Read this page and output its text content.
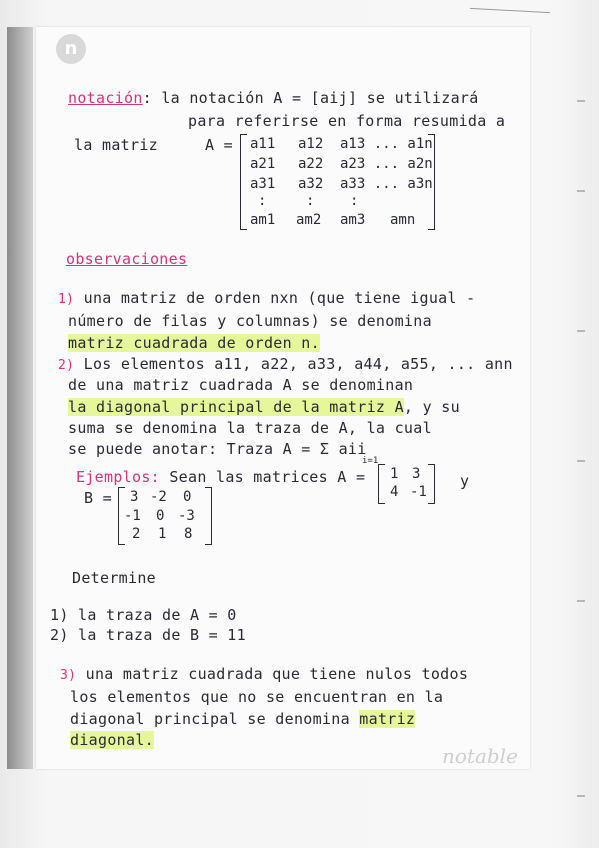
n
notable
notación: la notación A = [aij] se utilizará
para referirse en forma resumida a
la matriz	A = a11 a12 a13 ... a1n
a21 a22 a23 ... a2n
a31 a32 a33 ... a3n
:	:	:
am1 am2 am3 amn
observaciones
1) una matriz de orden nxn (que tiene igual -
número de filas y columnas) se denomina
matriz cuadrada de orden n.
2) Los elementos a11, a22, a33, a44, a55, ... ann
de una matriz cuadrada A se denominan
la diagonal principal de la matriz A, y su
suma se denomina la traza de A, la cual
se puede anotar: Traza A = Σ aii
i=1
Ejemplos: Sean las matrices A = 1 3
4 -1
y
B = 3 -2 0
-1 0 -3
2 1 8
Determine
1) la traza de A = 0
2) la traza de B = 11
3) una matriz cuadrada que tiene nulos todos
los elementos que no se encuentran en la
diagonal principal se denomina matriz
diagonal.
